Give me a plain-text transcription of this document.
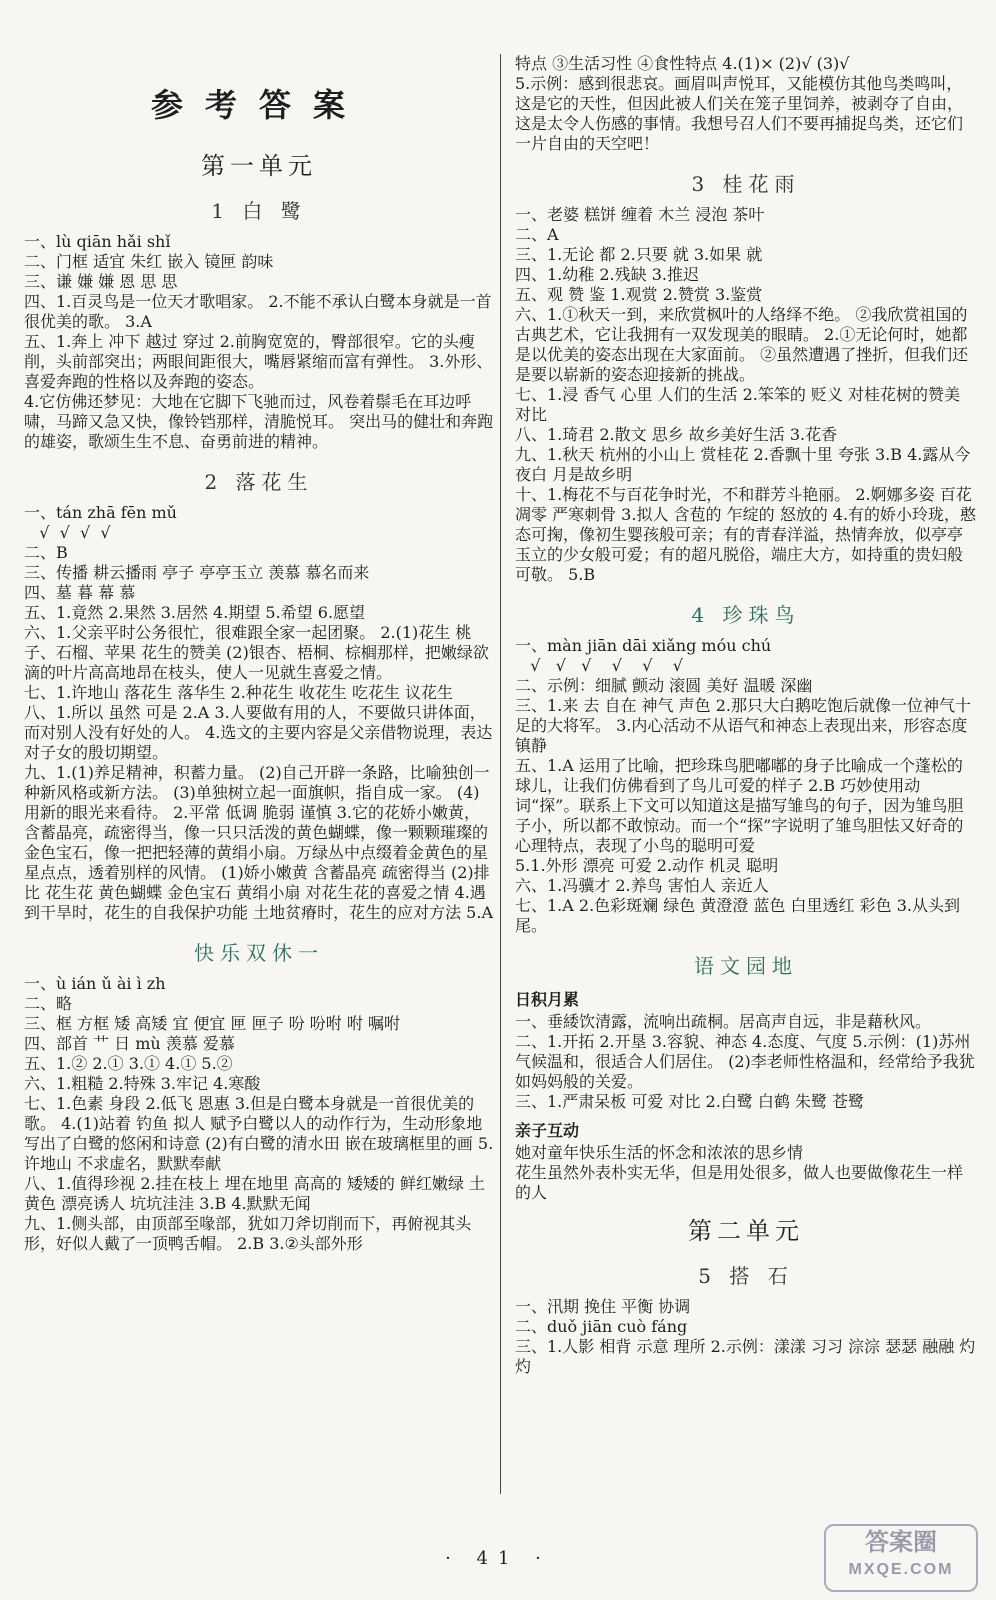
参考答案
第一单元
1 白 鹭
一、lù qiān hǎi shǐ
二、门框 适宜 朱红 嵌入 镜匣 韵味
三、谦 嫌 嫌 恩 思 思
四、1.百灵鸟是一位天才歌唱家。 2.不能不承认白鹭本身就是一首很优美的歌。 3.A
五、1.奔上 冲下 越过 穿过 2.前胸宽宽的，臀部很窄。它的头瘦削，头前部突出；两眼间距很大，嘴唇紧缩而富有弹性。 3.外形、喜爱奔跑的性格以及奔跑的姿态。
4.它仿佛还梦见：大地在它脚下飞驰而过，风卷着鬃毛在耳边呼啸，马蹄又急又快，像铃铛那样，清脆悦耳。 突出马的健壮和奔跑的雄姿，歌颂生生不息、奋勇前进的精神。
2 落花生
一、tán zhā fēn mǔ
√  √  √  √
二、B
三、传播 耕云播雨 亭子 亭亭玉立 羡慕 慕名而来
四、墓 暮 幕 慕
五、1.竟然 2.果然 3.居然 4.期望 5.希望 6.愿望
六、1.父亲平时公务很忙，很难跟全家一起团聚。 2.(1)花生 桃子、石榴、苹果 花生的赞美 (2)银杏、梧桐、棕榈那样，把嫩绿欲滴的叶片高高地昂在枝头，使人一见就生喜爱之情。
七、1.许地山 落花生 落华生 2.种花生 收花生 吃花生 议花生
八、1.所以 虽然 可是 2.A 3.人要做有用的人，不要做只讲体面，而对别人没有好处的人。 4.选文的主要内容是父亲借物说理，表达对子女的殷切期望。
九、1.(1)养足精神，积蓄力量。 (2)自己开辟一条路，比喻独创一种新风格或新方法。 (3)单独树立起一面旗帜，指自成一家。 (4)用新的眼光来看待。 2.平常 低调 脆弱 谨慎 3.它的花娇小嫩黄，含蓄晶亮，疏密得当，像一只只活泼的黄色蝴蝶，像一颗颗璀璨的金色宝石，像一把把轻薄的黄绢小扇。万绿丛中点缀着金黄色的星星点点，透着别样的风情。 (1)娇小嫩黄 含蓄晶亮 疏密得当 (2)排比 花生花 黄色蝴蝶 金色宝石 黄绢小扇 对花生花的喜爱之情 4.遇到干旱时，花生的自我保护功能 土地贫瘠时，花生的应对方法 5.A
快乐双休一
一、ù ián ǔ ài ì zh
二、略
三、框 方框 矮 高矮 宜 便宜 匣 匣子 吩 吩咐 咐 嘱咐
四、部首 艹 日 mù 羡慕 爱慕
五、1.② 2.① 3.① 4.① 5.②
六、1.粗糙 2.特殊 3.牢记 4.寒酸
七、1.色素 身段 2.低飞 恩惠 3.但是白鹭本身就是一首很优美的歌。 4.(1)站着 钓鱼 拟人 赋予白鹭以人的动作行为，生动形象地写出了白鹭的悠闲和诗意 (2)有白鹭的清水田 嵌在玻璃框里的画 5.许地山 不求虚名，默默奉献
八、1.值得珍视 2.挂在枝上 埋在地里 高高的 矮矮的 鲜红嫩绿 土黄色 漂亮诱人 坑坑洼洼 3.B 4.默默无闻
九、1.侧头部，由顶部至喙部，犹如刀斧切削而下，再俯视其头形，好似人戴了一顶鸭舌帽。 2.B 3.②头部外形
特点 ③生活习性 ④食性特点 4.(1)× (2)√ (3)√
5.示例：感到很悲哀。画眉叫声悦耳，又能模仿其他鸟类鸣叫，这是它的天性，但因此被人们关在笼子里饲养，被剥夺了自由，这是太令人伤感的事情。我想号召人们不要再捕捉鸟类，还它们一片自由的天空吧！
3 桂花雨
一、老婆 糕饼 缠着 木兰 浸泡 茶叶
二、A
三、1.无论 都 2.只要 就 3.如果 就
四、1.幼稚 2.残缺 3.推迟
五、观 赞 鉴 1.观赏 2.赞赏 3.鉴赏
六、1.①秋天一到，来欣赏枫叶的人络绎不绝。 ②我欣赏祖国的古典艺术，它让我拥有一双发现美的眼睛。 2.①无论何时，她都是以优美的姿态出现在大家面前。 ②虽然遭遇了挫折，但我们还是要以崭新的姿态迎接新的挑战。
七、1.浸 香气 心里 人们的生活 2.笨笨的 贬义 对桂花树的赞美 对比
八、1.琦君 2.散文 思乡 故乡美好生活 3.花香
九、1.秋天 杭州的小山上 赏桂花 2.香飘十里 夸张 3.B 4.露从今夜白 月是故乡明
十、1.梅花不与百花争时光，不和群芳斗艳丽。 2.婀娜多姿 百花凋零 严寒刺骨 3.拟人 含苞的 乍绽的 怒放的 4.有的娇小玲珑，憨态可掬，像初生婴孩般可亲；有的青春洋溢，热情奔放，似亭亭玉立的少女般可爱；有的超凡脱俗，端庄大方，如持重的贵妇般可敬。 5.B
4 珍珠鸟
一、màn jiān dāi xiǎng móu chú
√   √   √    √    √    √
二、示例：细腻 颤动 滚圆 美好 温暖 深幽
三、1.来 去 自在 神气 声色 2.那只大白鹅吃饱后就像一位神气十足的大将军。 3.内心活动不从语气和神态上表现出来，形容态度镇静
五、1.A 运用了比喻，把珍珠鸟肥嘟嘟的身子比喻成一个蓬松的球儿，让我们仿佛看到了鸟儿可爱的样子 2.B 巧妙使用动词“探”。联系上下文可以知道这是描写雏鸟的句子，因为雏鸟胆子小，所以都不敢惊动。而一个“探”字说明了雏鸟胆怯又好奇的心理特点，表现了小鸟的聪明可爱
5.1.外形 漂亮 可爱 2.动作 机灵 聪明
六、1.冯骥才 2.养鸟 害怕人 亲近人
七、1.A 2.色彩斑斓 绿色 黄澄澄 蓝色 白里透红 彩色 3.从头到尾。
语文园地
日积月累
一、垂緌饮清露，流响出疏桐。居高声自远，非是藉秋风。
二、1.开拓 2.开垦 3.容貌、神态 4.态度、气度 5.示例：(1)苏州气候温和，很适合人们居住。 (2)李老师性格温和，经常给予我犹如妈妈般的关爱。
三、1.严肃呆板 可爱 对比 2.白鹭 白鹤 朱鹭 苍鹭
亲子互动
她对童年快乐生活的怀念和浓浓的思乡情
花生虽然外表朴实无华，但是用处很多，做人也要做像花生一样的人
第二单元
5 搭 石
一、汛期 挽住 平衡 协调
二、duǒ jiān cuò fáng
三、1.人影 相背 示意 理所 2.示例：漾漾 习习 淙淙 瑟瑟 融融 灼灼
· 41 ·
答案圈
MXQE.COM
